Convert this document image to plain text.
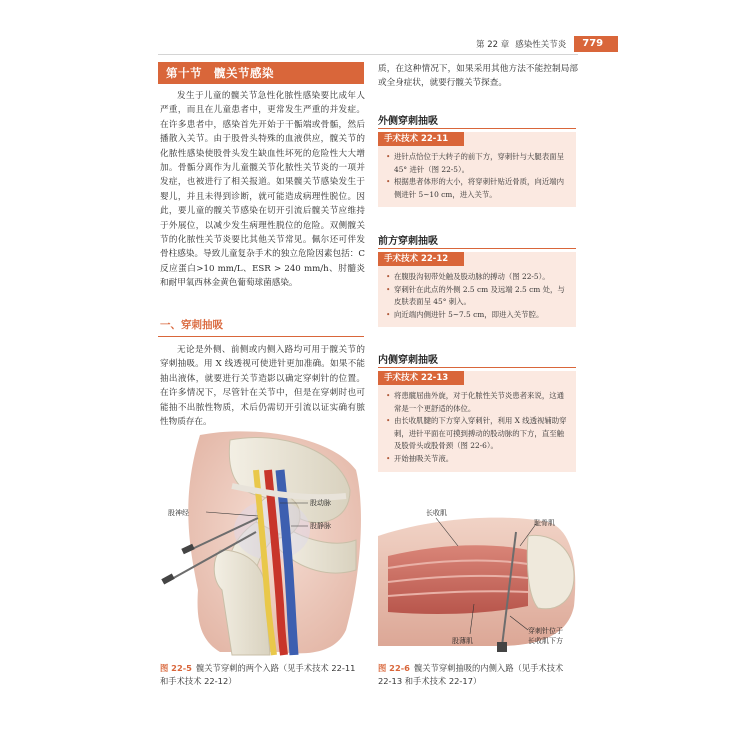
第 22 章 感染性关节炎	779
第十节　髋关节感染

发生于儿童的髋关节急性化脓性感染要比成年人严重，而且在儿童患者中，更常发生严重的并发症。在许多患者中，感染首先开始于干骺端或骨骺，然后播散入关节。由于股骨头特殊的血液供应，髋关节的化脓性感染使股骨头发生缺血性坏死的危险性大大增加。骨骺分离作为儿童髋关节化脓性关节炎的一项并发症，也被进行了相关报道。如果髋关节感染发生于婴儿，并且未得到诊断，就可能造成病理性脱位。因此，要儿童的髋关节感染在切开引流后髋关节应维持于外展位，以减少发生病理性脱位的危险。双侧髋关节的化脓性关节炎要比其他关节常见。佩尔还可伴发骨柱感染。导致儿童复杂手术的独立危险因素包括：C反应蛋白>10 mm/L、ESR > 240 mm/h、肘髓炎和耐甲氧西林金黄色葡萄球菌感染。

一、穿刺抽吸

无论是外侧、前侧或内侧入路均可用于髋关节的穿刺抽吸。用 X 线透视可使进针更加准确。如果不能抽出液体，就要进行关节造影以确定穿刺针的位置。在许多情况下，尽管针在关节中，但是在穿刺时也可能抽不出脓性物质，术后仍需切开引流以证实确有脓性物质存在。

质，在这种情况下，如果采用其他方法不能控制局部或全身症状，就要行髋关节探查。

外侧穿刺抽吸
手术技术 22-11
• 进针点恰位于大转子的前下方，穿刺针与大腿表面呈 45° 进针（图 22-5）。
• 根据患者体形的大小，将穿刺针贴近骨质，向近端内侧进针 5~10 cm，进入关节。
前方穿刺抽吸
手术技术 22-12
• 在腹股沟韧带处触及股动脉的搏动（图 22-5）。
• 穿刺针在此点的外侧 2.5 cm 及远端 2.5 cm 处，与皮肤表面呈 45° 刺入。
• 向近端内侧进针 5~7.5 cm，即进入关节腔。
内侧穿刺抽吸
手术技术 22-13
• 将患髋屈曲外旋，对于化脓性关节炎患者来说，这通常是一个更舒适的体位。
• 由长收肌腱的下方穿入穿刺针，利用 X 线透视辅助穿刺，进针平面在可摸到搏动的股动脉的下方，直至触及股骨头或股骨颈（图 22-6）。
• 开始抽吸关节液。
股神经
股动脉
股静脉
图 22-5 髋关节穿刺的两个入路（见手术技术 22-11 和手术技术 22-12）
长收肌
耻骨肌
股薄肌
穿刺针位于
长收肌下方
图 22-6 髋关节穿刺抽吸的内侧入路（见手术技术 22-13 和手术技术 22-17）
